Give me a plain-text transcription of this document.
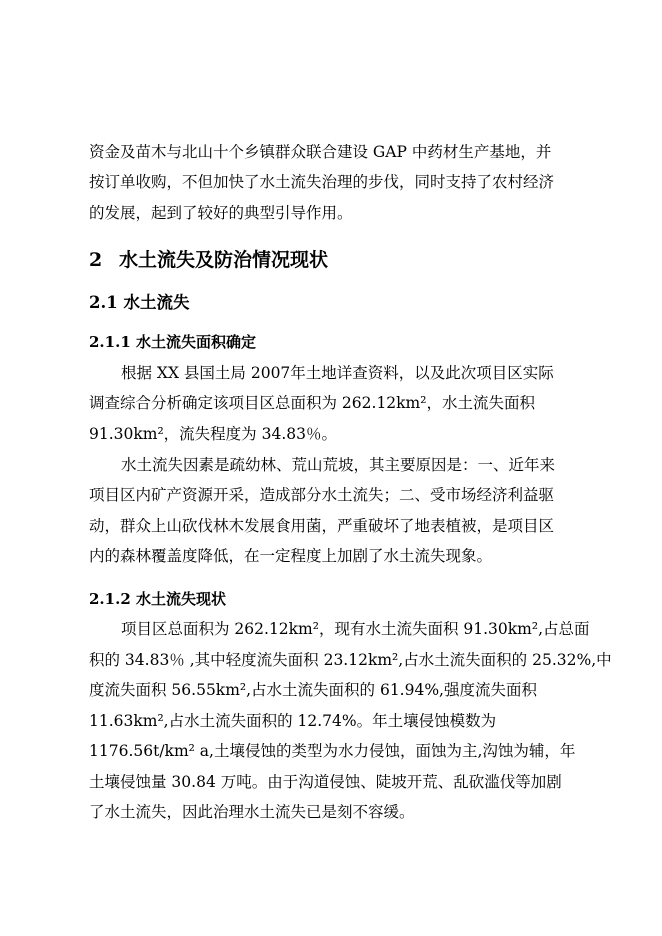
资金及苗木与北山十个乡镇群众联合建设 GAP 中药材生产基地，并
按订单收购，不但加快了水土流失治理的步伐，同时支持了农村经济
的发展，起到了较好的典型引导作用。
2 水土流失及防治情况现状
2.1 水土流失
2.1.1 水土流失面积确定
根据 XX 县国土局 2007年土地详查资料，以及此次项目区实际
调查综合分析确定该项目区总面积为 262.12km²，水土流失面积
91.30km²，流失程度为 34.83％。
水土流失因素是疏幼林、荒山荒坡，其主要原因是：一、近年来
项目区内矿产资源开采，造成部分水土流失；二、受市场经济利益驱
动，群众上山砍伐林木发展食用菌，严重破坏了地表植被，是项目区
内的森林覆盖度降低，在一定程度上加剧了水土流失现象。
2.1.2 水土流失现状
项目区总面积为 262.12km²，现有水土流失面积 91.30km²,占总面
积的 34.83％ ,其中轻度流失面积 23.12km²,占水土流失面积的 25.32%,中
度流失面积 56.55km²,占水土流失面积的 61.94%,强度流失面积
11.63km²,占水土流失面积的 12.74%。年土壤侵蚀模数为
1176.56t/km² a,土壤侵蚀的类型为水力侵蚀，面蚀为主,沟蚀为辅，年
土壤侵蚀量 30.84 万吨。由于沟道侵蚀、陡坡开荒、乱砍滥伐等加剧
了水土流失，因此治理水土流失已是刻不容缓。
